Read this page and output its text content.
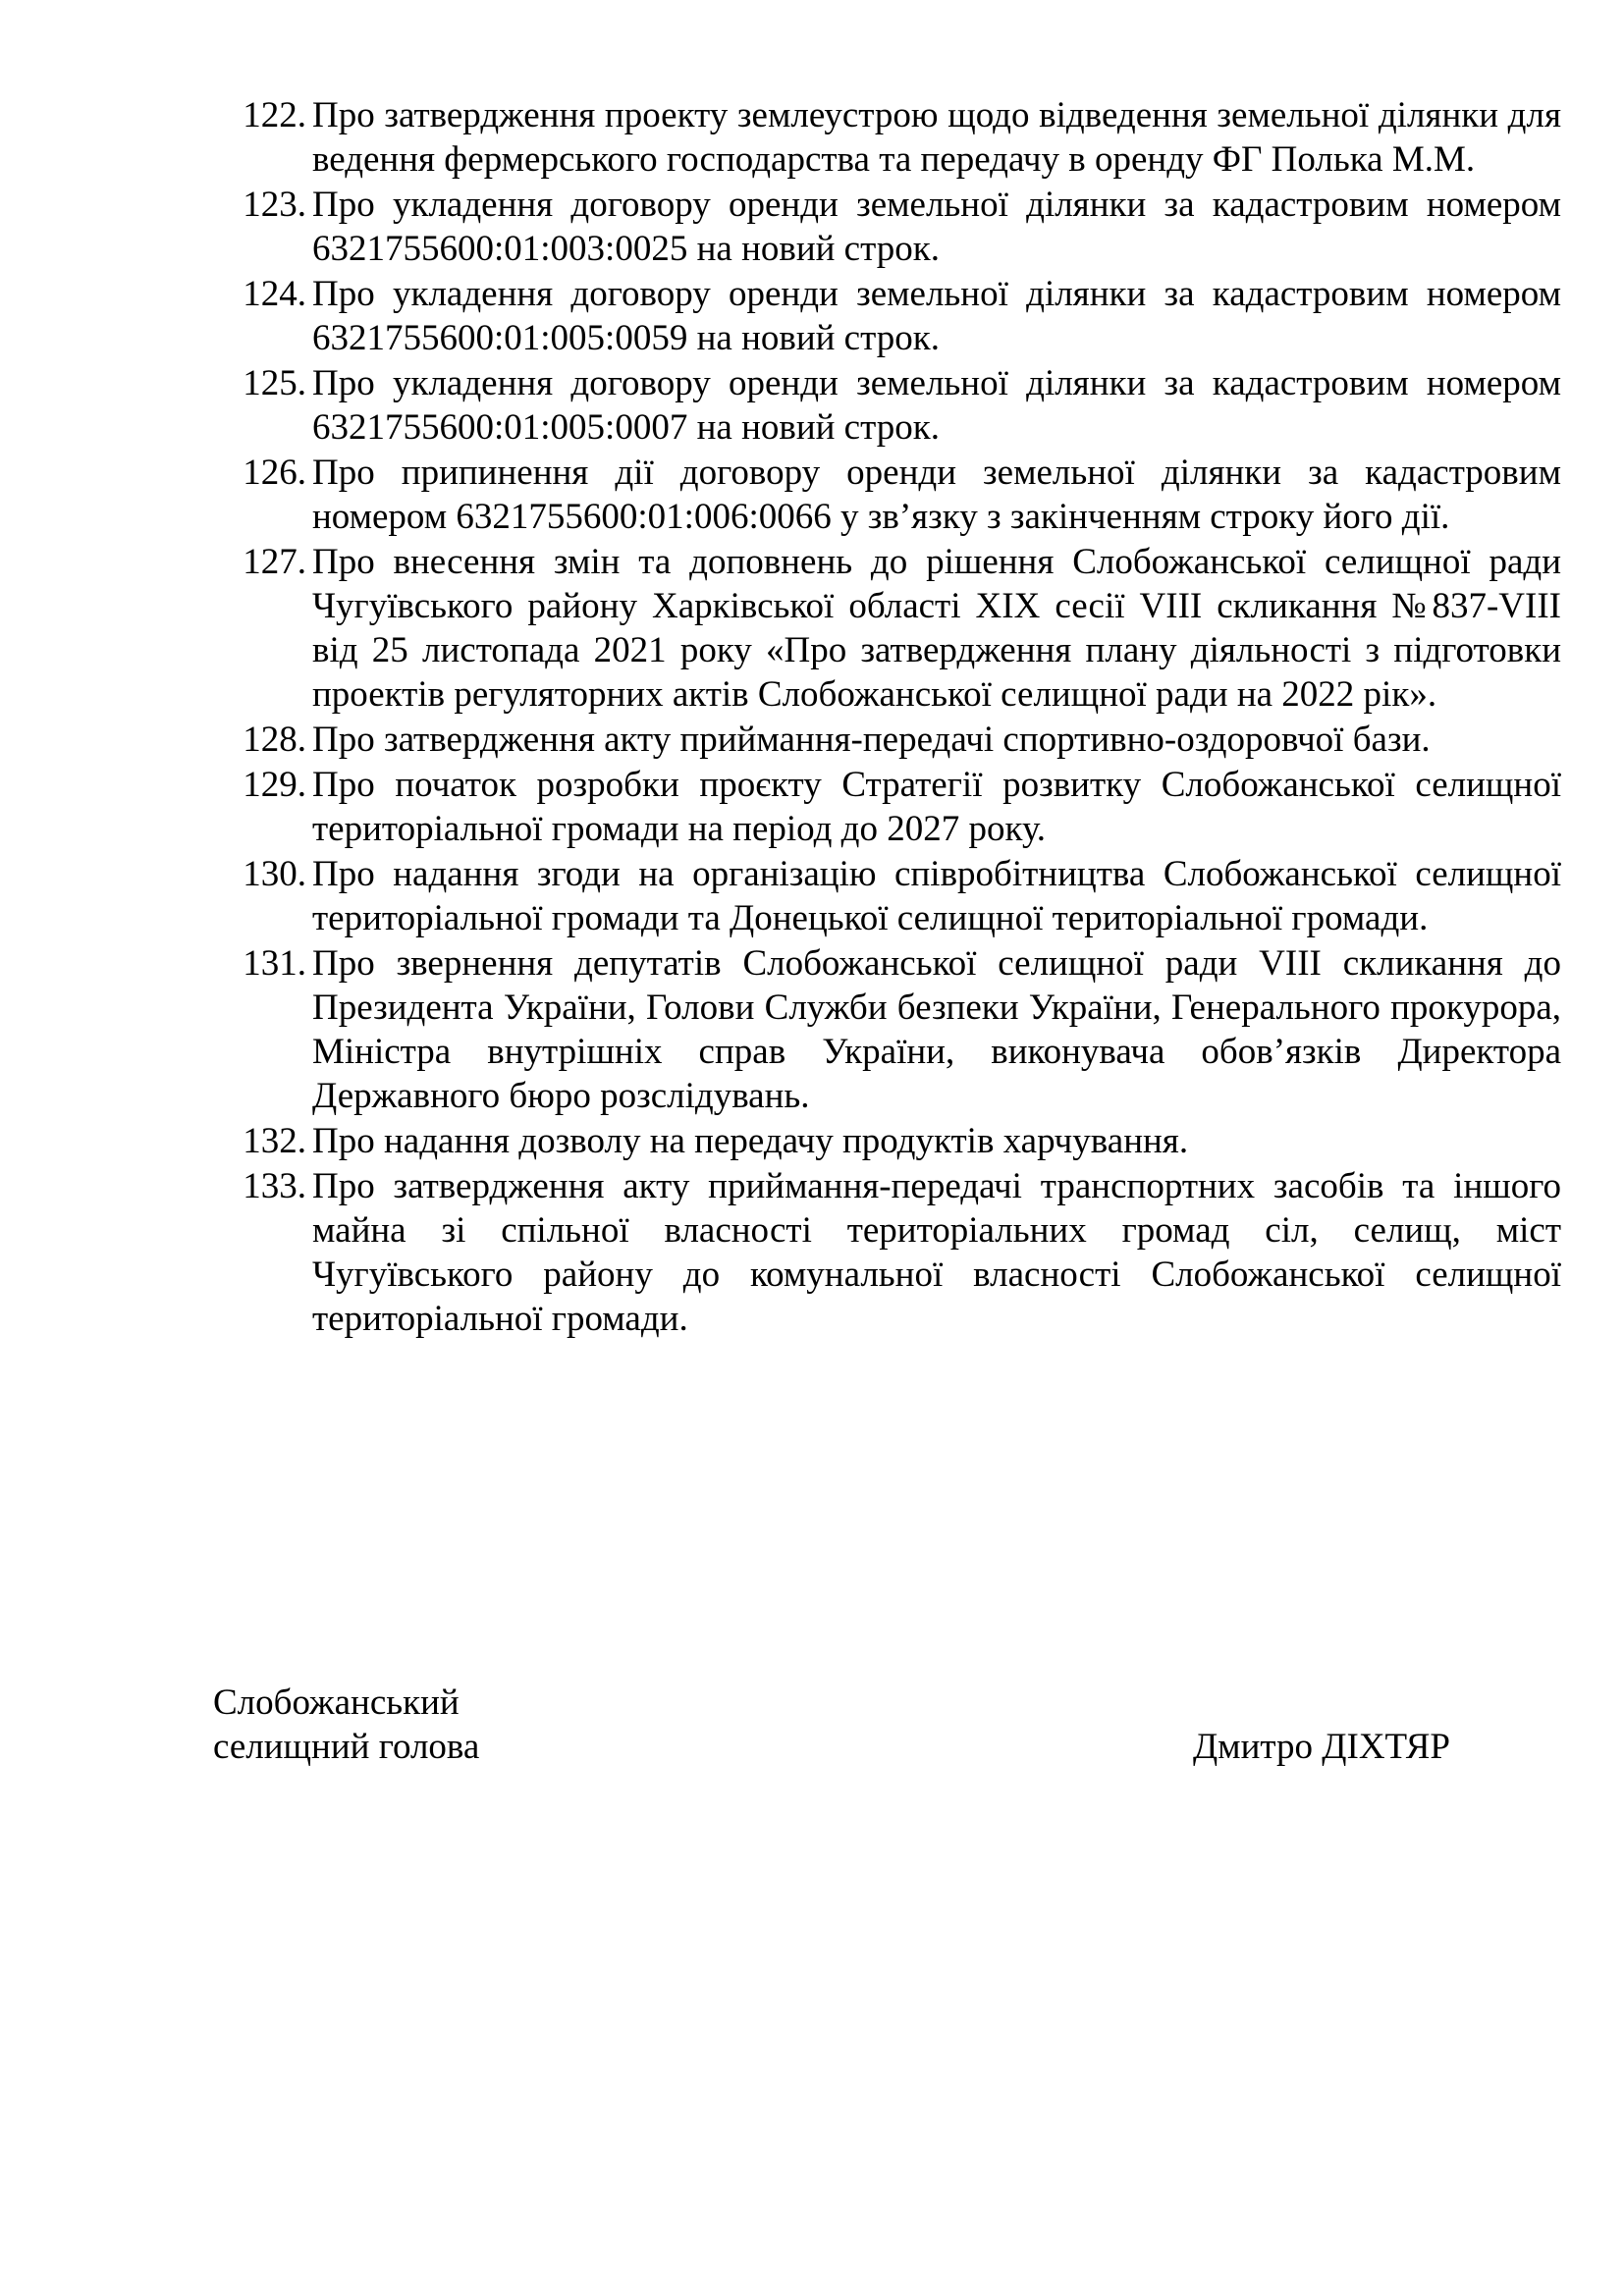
122. Про затвердження проекту землеустрою щодо відведення земельної ділянки для ведення фермерського господарства та передачу в оренду ФГ Полька М.М.
123. Про укладення договору оренди земельної ділянки за кадастровим номером 6321755600:01:003:0025 на новий строк.
124. Про укладення договору оренди земельної ділянки за кадастровим номером 6321755600:01:005:0059 на новий строк.
125. Про укладення договору оренди земельної ділянки за кадастровим номером 6321755600:01:005:0007 на новий строк.
126. Про припинення дії договору оренди земельної ділянки за кадастровим номером 6321755600:01:006:0066 у зв’язку з закінченням строку його дії.
127. Про внесення змін та доповнень до рішення Слобожанської селищної ради Чугуївського району Харківської області XIX сесії VIII скликання №837-VIII від 25 листопада 2021 року «Про затвердження плану діяльності з підготовки проектів регуляторних актів Слобожанської селищної ради на 2022 рік».
128. Про затвердження акту приймання-передачі спортивно-оздоровчої бази.
129. Про початок розробки проєкту Стратегії розвитку Слобожанської селищної територіальної громади на період до 2027 року.
130. Про надання згоди на організацію співробітництва Слобожанської селищної територіальної громади та Донецької селищної територіальної громади.
131. Про звернення депутатів Слобожанської селищної ради VIII скликання до Президента України, Голови Служби безпеки України, Генерального прокурора, Міністра внутрішніх справ України, виконувача обов’язків Директора Державного бюро розслідувань.
132. Про надання дозволу на передачу продуктів харчування.
133. Про затвердження акту приймання-передачі транспортних засобів та іншого майна зі спільної власності територіальних громад сіл, селищ, міст Чугуївського району до комунальної власності Слобожанської селищної територіальної громади.
Слобожанський
селищний голова	Дмитро ДІХТЯР
